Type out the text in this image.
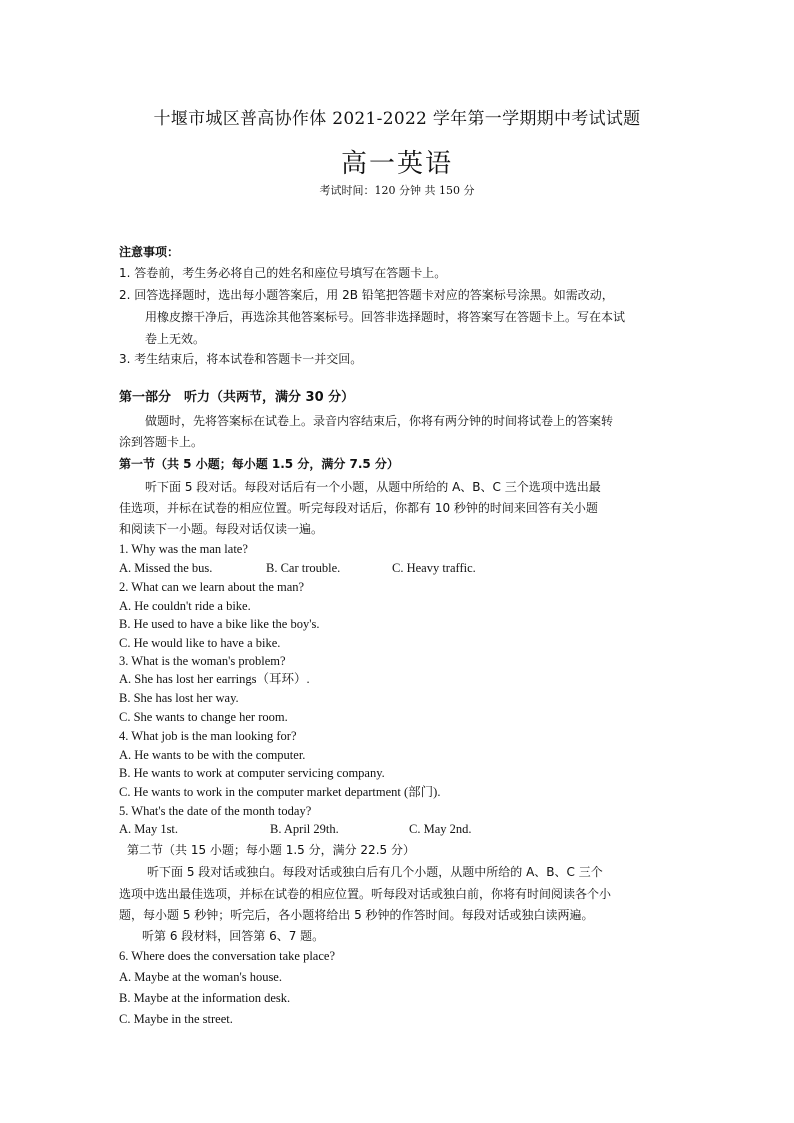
十堰市城区普高协作体 2021-2022 学年第一学期期中考试试题
高一英语
考试时间：120 分钟 共 150 分
注意事项：
1. 答卷前，考生务必将自己的姓名和座位号填写在答题卡上。
2. 回答选择题时，选出每小题答案后，用 2B 铅笔把答题卡对应的答案标号涂黑。如需改动，
用橡皮擦干净后，再选涂其他答案标号。回答非选择题时，将答案写在答题卡上。写在本试
卷上无效。
3. 考生结束后，将本试卷和答题卡一并交回。
第一部分　听力（共两节，满分 30 分）
做题时，先将答案标在试卷上。录音内容结束后，你将有两分钟的时间将试卷上的答案转
涂到答题卡上。
第一节（共 5 小题；每小题 1.5 分，满分 7.5 分）
听下面 5 段对话。每段对话后有一个小题，从题中所给的 A、B、C 三个选项中选出最
佳选项，并标在试卷的相应位置。听完每段对话后，你都有 10 秒钟的时间来回答有关小题
和阅读下一小题。每段对话仅读一遍。
1. Why was the man late?
A. Missed the bus.	B. Car trouble.	C. Heavy traffic.
2. What can we learn about the man?
A. He couldn't ride a bike.
B. He used to have a bike like the boy's.
C. He would like to have a bike.
3. What is the woman's problem?
A. She has lost her earrings（耳环）.
B. She has lost her way.
C. She wants to change her room.
4. What job is the man looking for?
A. He wants to be with the computer.
B. He wants to work at computer servicing company.
C. He wants to work in the computer market department (部门).
5. What's the date of the month today?
A. May 1st.	B. April 29th.	C. May 2nd.
第二节（共 15 小题；每小题 1.5 分，满分 22.5 分）
听下面 5 段对话或独白。每段对话或独白后有几个小题，从题中所给的 A、B、C 三个
选项中选出最佳选项，并标在试卷的相应位置。听每段对话或独白前，你将有时间阅读各个小
题，每小题 5 秒钟；听完后，各小题将给出 5 秒钟的作答时间。每段对话或独白读两遍。
听第 6 段材料，回答第 6、7 题。
6. Where does the conversation take place?
A. Maybe at the woman's house.
B. Maybe at the information desk.
C. Maybe in the street.
